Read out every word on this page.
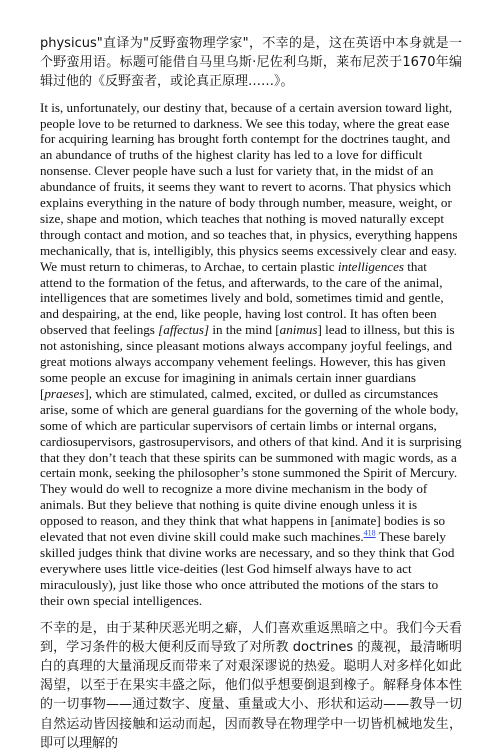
physicus"直译为"反野蛮物理学家"，不幸的是，这在英语中本身就是一个野蛮用语。标题可能借自马里乌斯·尼佐利乌斯，莱布尼茨于1670年编辑过他的《反野蛮者，或论真正原理……》。

It is, unfortunately, our destiny that, because of a certain aversion toward light, people love to be returned to darkness. We see this today, where the great ease for acquiring learning has brought forth contempt for the doctrines taught, and an abundance of truths of the highest clarity has led to a love for difficult nonsense. Clever people have such a lust for variety that, in the midst of an abundance of fruits, it seems they want to revert to acorns. That physics which explains everything in the nature of body through number, measure, weight, or size, shape and motion, which teaches that nothing is moved naturally except through contact and motion, and so teaches that, in physics, everything happens mechanically, that is, intelligibly, this physics seems excessively clear and easy. We must return to chimeras, to Archae, to certain plastic intelligences that attend to the formation of the fetus, and afterwards, to the care of the animal, intelligences that are sometimes lively and bold, sometimes timid and gentle, and despairing, at the end, like people, having lost control. It has often been observed that feelings [affectus] in the mind [animus] lead to illness, but this is not astonishing, since pleasant motions always accompany joyful feelings, and great motions always accompany vehement feelings. However, this has given some people an excuse for imagining in animals certain inner guardians [praeses], which are stimulated, calmed, excited, or dulled as circumstances arise, some of which are general guardians for the governing of the whole body, some of which are particular supervisors of certain limbs or internal organs, cardiosupervisors, gastrosupervisors, and others of that kind. And it is surprising that they don’t teach that these spirits can be summoned with magic words, as a certain monk, seeking the philosopher’s stone summoned the Spirit of Mercury. They would do well to recognize a more divine mechanism in the body of animals. But they believe that nothing is quite divine enough unless it is opposed to reason, and they think that what happens in [animate] bodies is so elevated that not even divine skill could make such machines.$^{418}$ These barely skilled judges think that divine works are necessary, and so they think that God everywhere uses little vice-deities (lest God himself always have to act miraculously), just like those who once attributed the motions of the stars to their own special intelligences.

不幸的是，由于某种厌恶光明之癖，人们喜欢重返黑暗之中。我们今天看到，学习条件的极大便利反而导致了对所教 doctrines 的蔑视，最清晰明白的真理的大量涌现反而带来了对艰深谬说的热爱。聪明人对多样化如此渴望，以至于在果实丰盛之际，他们似乎想要倒退到橡子。解释身体本性的一切事物——通过数字、度量、重量或大小、形状和运动——教导一切自然运动皆因接触和运动而起，因而教导在物理学中一切皆机械地发生，即可以理解的
